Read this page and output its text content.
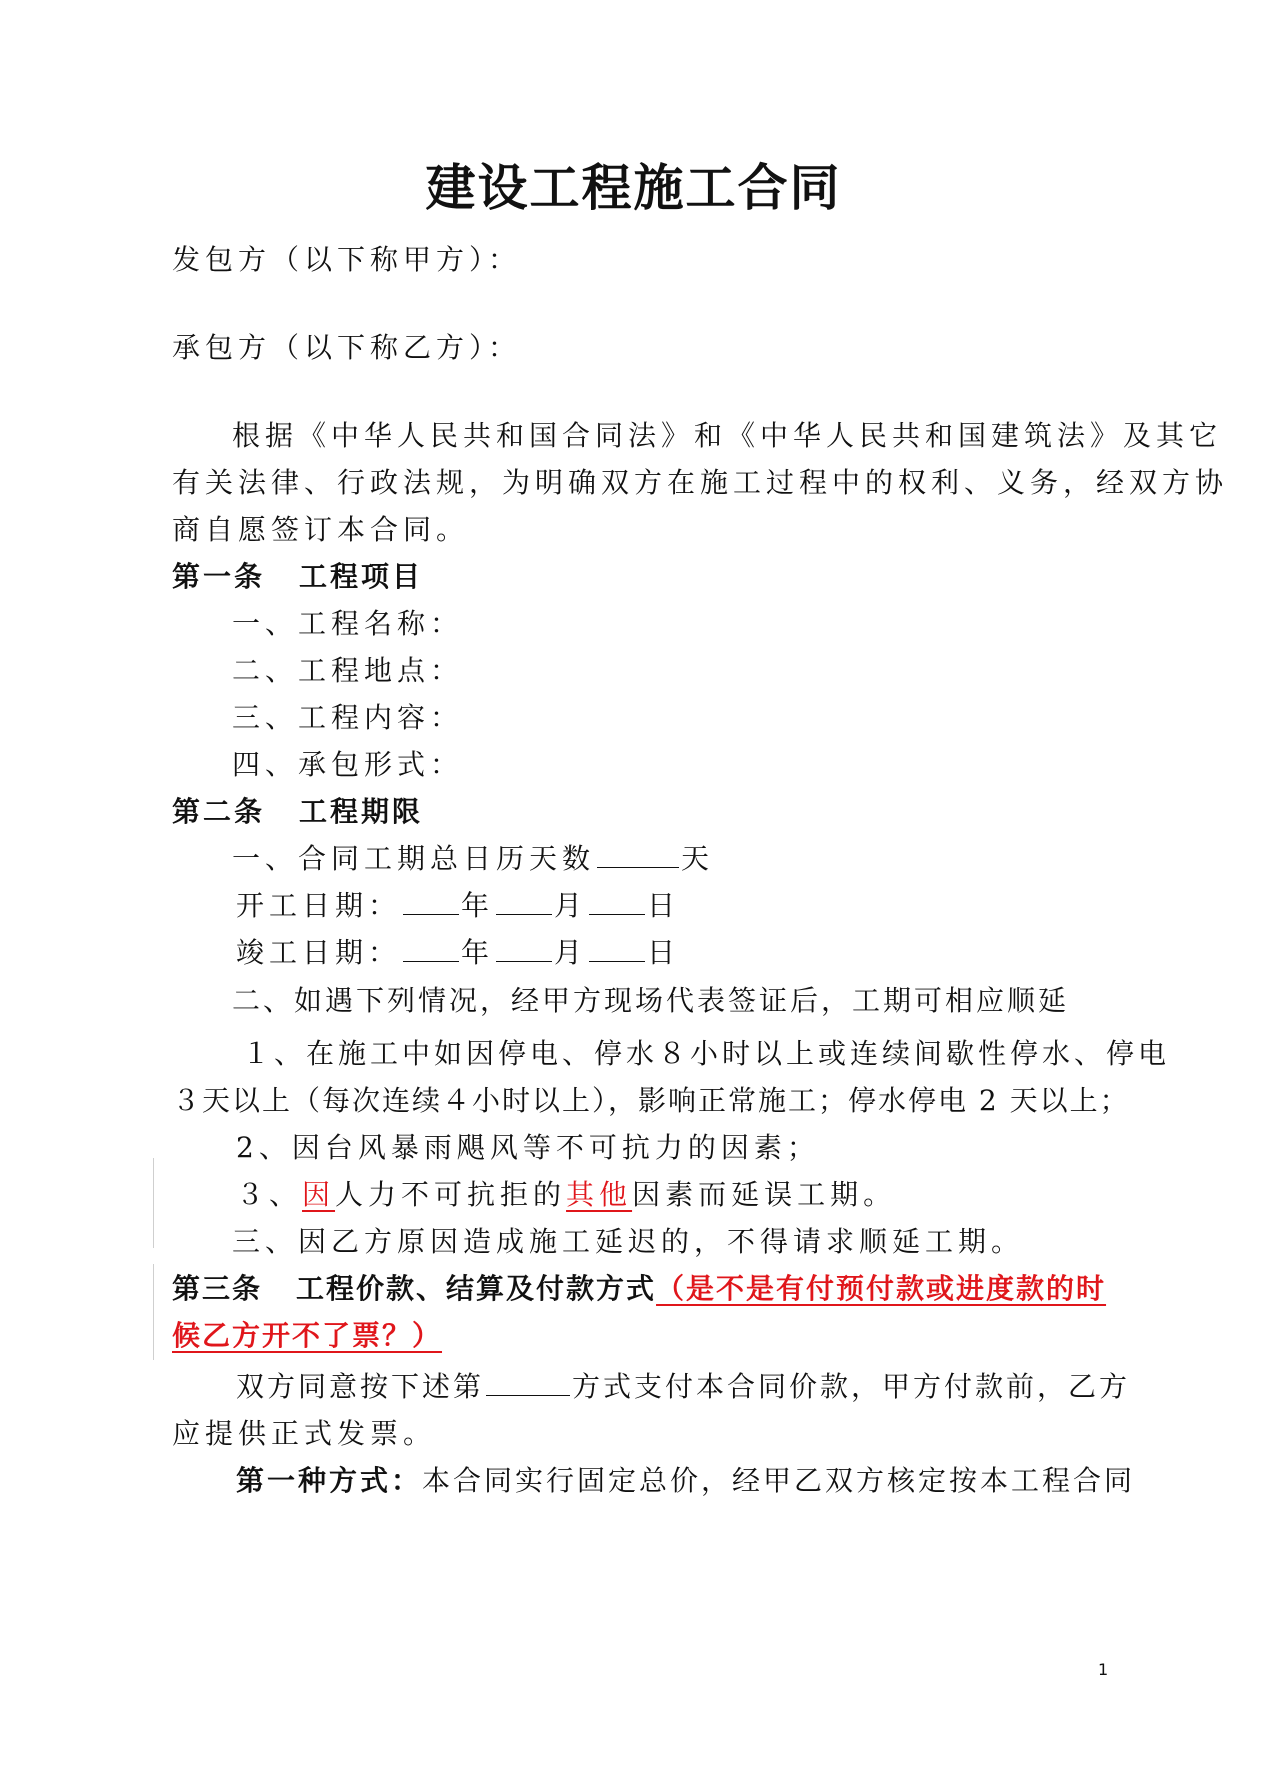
建设工程施工合同
发包方（以下称甲方）：
承包方（以下称乙方）：
根据《中华人民共和国合同法》和《中华人民共和国建筑法》及其它
有关法律、行政法规，为明确双方在施工过程中的权利、义务，经双方协
商自愿签订本合同。
第一条 工程项目
一、工程名称：
二、工程地点：
三、工程内容：
四、承包形式：
第二条 工程期限
一、合同工期总日历天数	天
开工日期： 年 月 日
竣工日期： 年 月 日
二、如遇下列情况，经甲方现场代表签证后，工期可相应顺延
１、在施工中如因停电、停水８小时以上或连续间歇性停水、停电
３天以上（每次连续４小时以上），影响正常施工；停水停电 2 天以上；
2、因台风暴雨飓风等不可抗力的因素；
３、因人力不可抗拒的其他因素而延误工期。
三、因乙方原因造成施工延迟的，不得请求顺延工期。
第三条 工程价款、结算及付款方式（是不是有付预付款或进度款的时
候乙方开不了票？）
双方同意按下述第	方式支付本合同价款，甲方付款前，乙方
应提供正式发票。
第一种方式：本合同实行固定总价，经甲乙双方核定按本工程合同
1
